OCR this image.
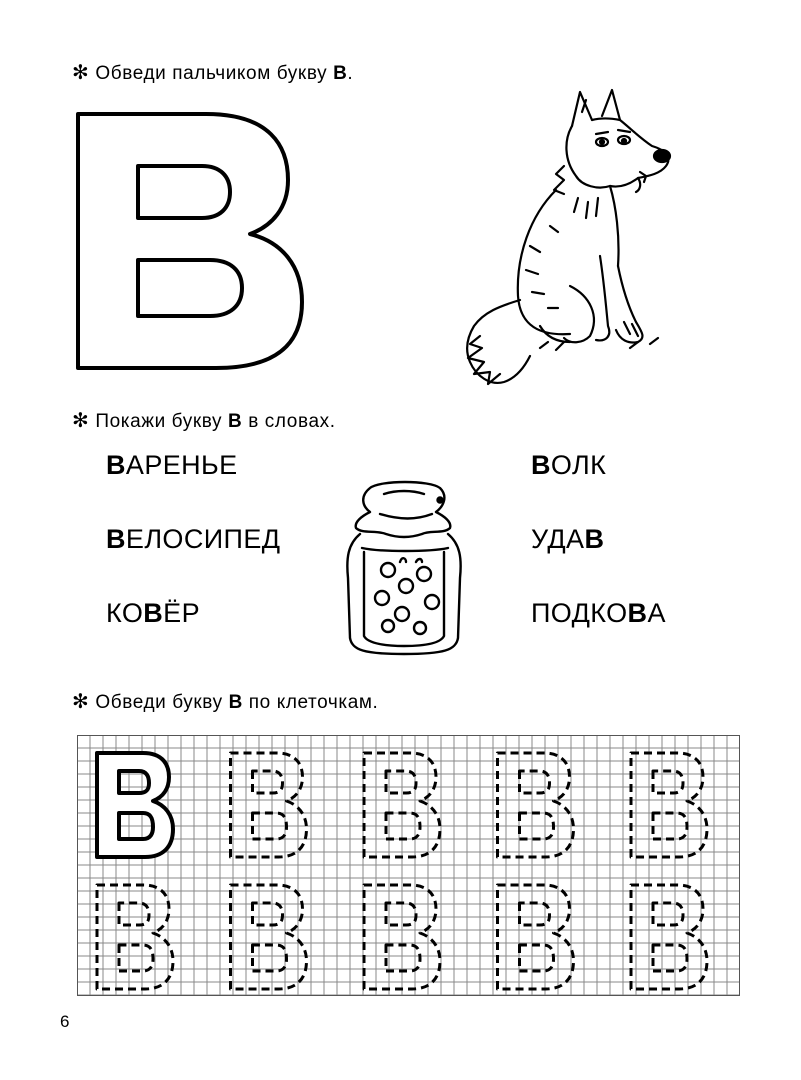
✻ Обведи пальчиком букву В.
✻ Покажи букву В в словах.
ВАРЕНЬЕ
ВЕЛОСИПЕД
КОВЁР
ВОЛК
УДАВ
ПОДКОВА
✻ Обведи букву В по клеточкам.
6
